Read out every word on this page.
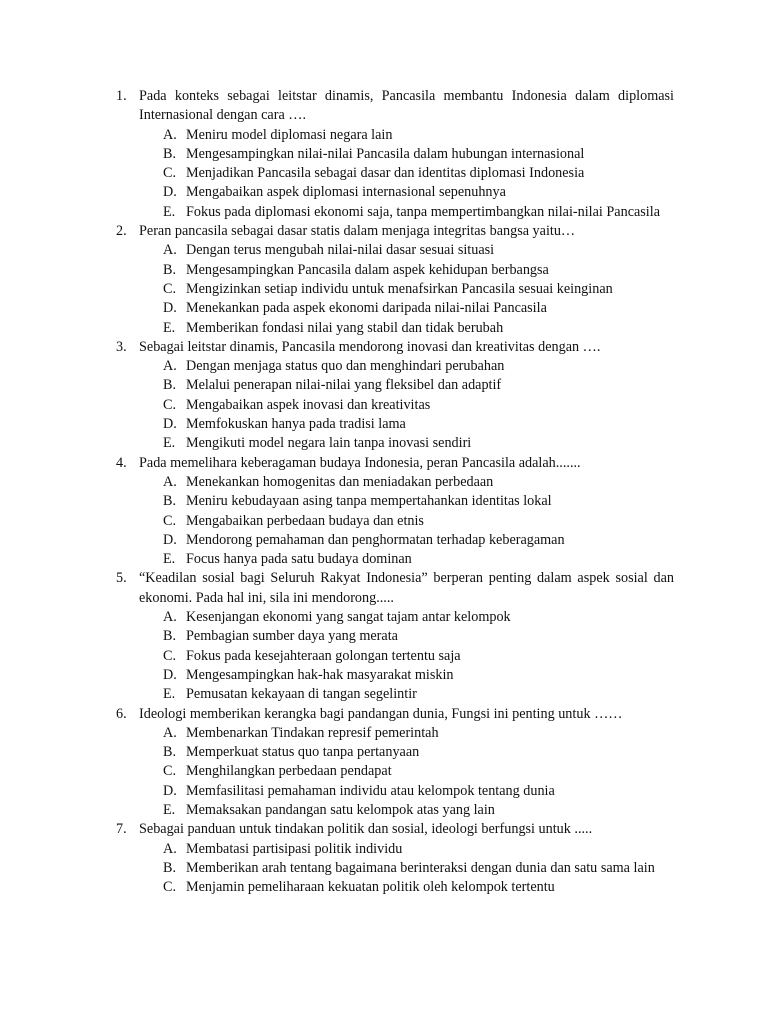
1. Pada konteks sebagai leitstar dinamis, Pancasila membantu Indonesia dalam diplomasi Internasional dengan cara ….
A. Meniru model diplomasi negara lain
B. Mengesampingkan nilai-nilai Pancasila dalam hubungan internasional
C. Menjadikan Pancasila sebagai dasar dan identitas diplomasi Indonesia
D. Mengabaikan aspek diplomasi internasional sepenuhnya
E. Fokus pada diplomasi ekonomi saja, tanpa mempertimbangkan nilai-nilai Pancasila
2. Peran pancasila sebagai dasar statis dalam menjaga integritas bangsa yaitu…
A. Dengan terus mengubah nilai-nilai dasar sesuai situasi
B. Mengesampingkan Pancasila dalam aspek kehidupan berbangsa
C. Mengizinkan setiap individu untuk menafsirkan Pancasila sesuai keinginan
D. Menekankan pada aspek ekonomi daripada nilai-nilai Pancasila
E. Memberikan fondasi nilai yang stabil dan tidak berubah
3. Sebagai leitstar dinamis, Pancasila mendorong inovasi dan kreativitas dengan ….
A. Dengan menjaga status quo dan menghindari perubahan
B. Melalui penerapan nilai-nilai yang fleksibel dan adaptif
C. Mengabaikan aspek inovasi dan kreativitas
D. Memfokuskan hanya pada tradisi lama
E. Mengikuti model negara lain tanpa inovasi sendiri
4. Pada memelihara keberagaman budaya Indonesia, peran Pancasila adalah.......
A. Menekankan homogenitas dan meniadakan perbedaan
B. Meniru kebudayaan asing tanpa mempertahankan identitas lokal
C. Mengabaikan perbedaan budaya dan etnis
D. Mendorong pemahaman dan penghormatan terhadap keberagaman
E. Focus hanya pada satu budaya dominan
5. “Keadilan sosial bagi Seluruh Rakyat Indonesia” berperan penting dalam aspek sosial dan ekonomi. Pada hal ini, sila ini mendorong.....
A. Kesenjangan ekonomi yang sangat tajam antar kelompok
B. Pembagian sumber daya yang merata
C. Fokus pada kesejahteraan golongan tertentu saja
D. Mengesampingkan hak-hak masyarakat miskin
E. Pemusatan kekayaan di tangan segelintir
6. Ideologi memberikan kerangka bagi pandangan dunia, Fungsi ini penting untuk ……
A. Membenarkan Tindakan represif pemerintah
B. Memperkuat status quo tanpa pertanyaan
C. Menghilangkan perbedaan pendapat
D. Memfasilitasi pemahaman individu atau kelompok tentang dunia
E. Memaksakan pandangan satu kelompok atas yang lain
7. Sebagai panduan untuk tindakan politik dan sosial, ideologi berfungsi untuk .....
A. Membatasi partisipasi politik individu
B. Memberikan arah tentang bagaimana berinteraksi dengan dunia dan satu sama lain
C. Menjamin pemeliharaan kekuatan politik oleh kelompok tertentu
